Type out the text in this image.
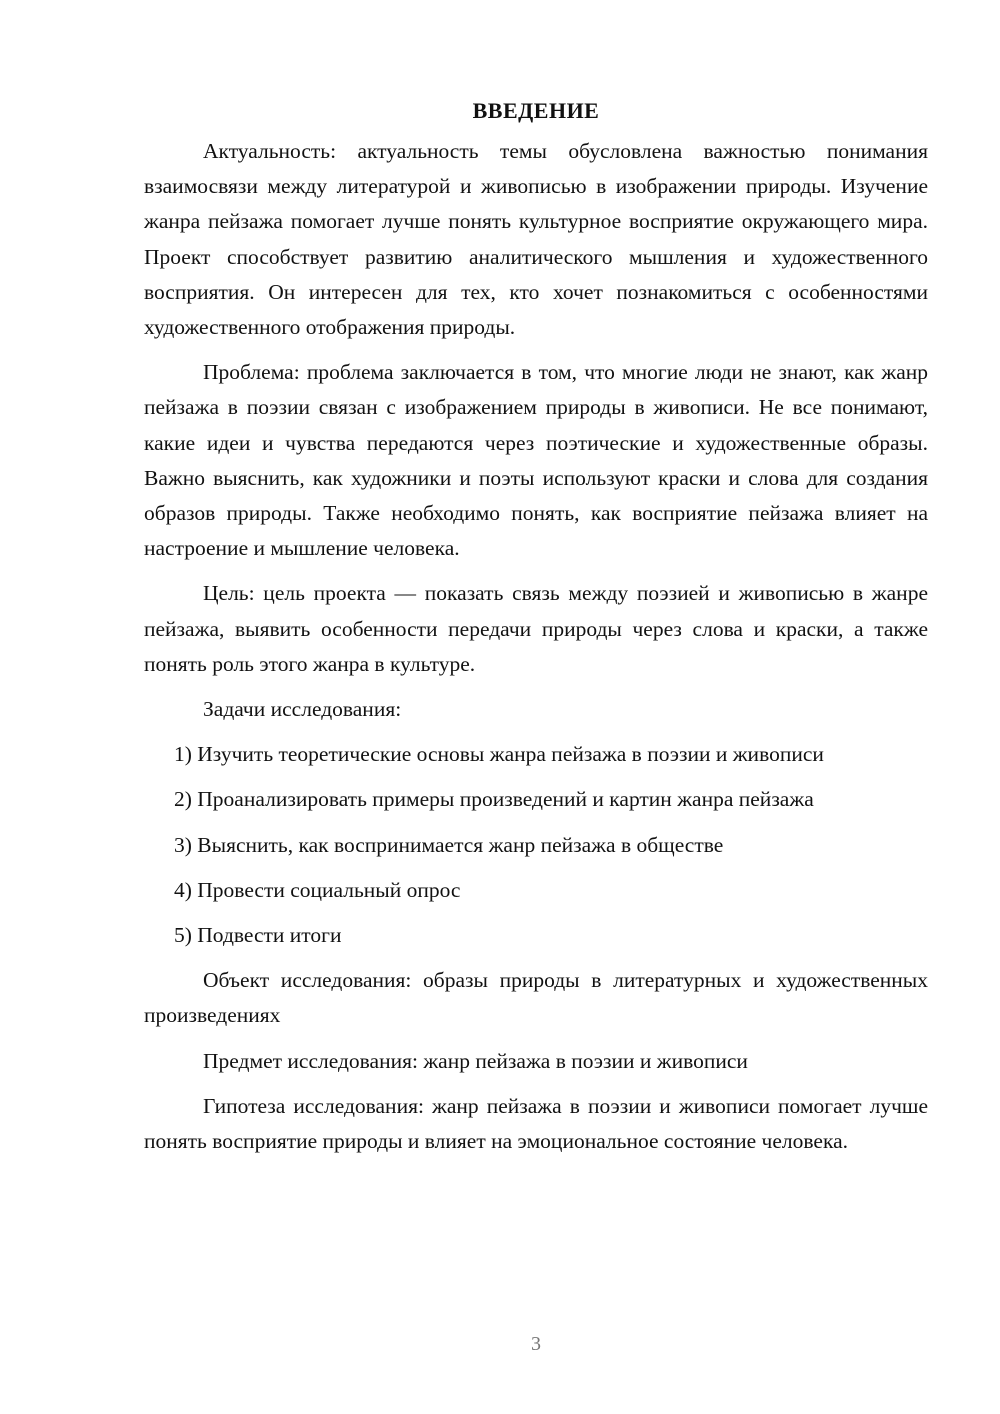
ВВЕДЕНИЕ

Актуальность: актуальность темы обусловлена важностью понимания взаимосвязи между литературой и живописью в изображении природы. Изучение жанра пейзажа помогает лучше понять культурное восприятие окружающего мира. Проект способствует развитию аналитического мышления и художественного восприятия. Он интересен для тех, кто хочет познакомиться с особенностями художественного отображения природы.

Проблема: проблема заключается в том, что многие люди не знают, как жанр пейзажа в поэзии связан с изображением природы в живописи. Не все понимают, какие идеи и чувства передаются через поэтические и художественные образы. Важно выяснить, как художники и поэты используют краски и слова для создания образов природы. Также необходимо понять, как восприятие пейзажа влияет на настроение и мышление человека.

Цель: цель проекта — показать связь между поэзией и живописью в жанре пейзажа, выявить особенности передачи природы через слова и краски, а также понять роль этого жанра в культуре.

Задачи исследования:

1) Изучить теоретические основы жанра пейзажа в поэзии и живописи
2) Проанализировать примеры произведений и картин жанра пейзажа
3) Выяснить, как воспринимается жанр пейзажа в обществе
4) Провести социальный опрос
5) Подвести итоги

Объект исследования: образы природы в литературных и художественных произведениях

Предмет исследования: жанр пейзажа в поэзии и живописи

Гипотеза исследования: жанр пейзажа в поэзии и живописи помогает лучше понять восприятие природы и влияет на эмоциональное состояние человека.

3
